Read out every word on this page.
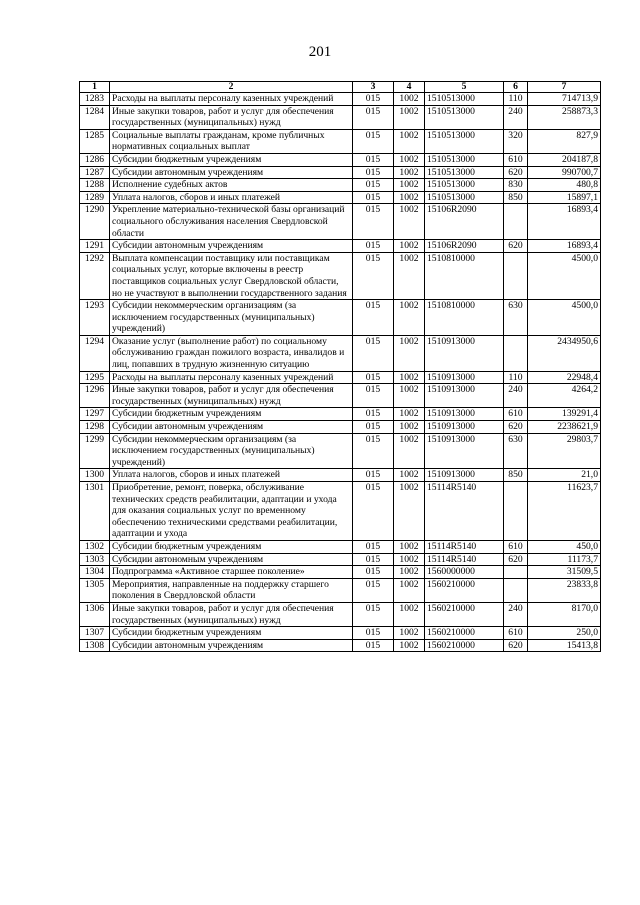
201
1	2	3	4	5	6	7
1283	Расходы на выплаты персоналу казенных учреждений	015	1002	1510513000	110	714713,9
1284	Иные закупки товаров, работ и услуг для обеспечения государственных (муниципальных) нужд	015	1002	1510513000	240	258873,3
1285	Социальные выплаты гражданам, кроме публичных нормативных социальных выплат	015	1002	1510513000	320	827,9
1286	Субсидии бюджетным учреждениям	015	1002	1510513000	610	204187,8
1287	Субсидии автономным учреждениям	015	1002	1510513000	620	990700,7
1288	Исполнение судебных актов	015	1002	1510513000	830	480,8
1289	Уплата налогов, сборов и иных платежей	015	1002	1510513000	850	15897,1
1290	Укрепление материально-технической базы организаций социального обслуживания населения Свердловской области	015	1002	15106R2090		16893,4
1291	Субсидии автономным учреждениям	015	1002	15106R2090	620	16893,4
1292	Выплата компенсации поставщику или поставщикам социальных услуг, которые включены в реестр поставщиков социальных услуг Свердловской области, но не участвуют в выполнении государственного задания	015	1002	1510810000		4500,0
1293	Субсидии некоммерческим организациям (за исключением государственных (муниципальных) учреждений)	015	1002	1510810000	630	4500,0
1294	Оказание услуг (выполнение работ) по социальному обслуживанию граждан пожилого возраста, инвалидов и лиц, попавших в трудную жизненную ситуацию	015	1002	1510913000		2434950,6
1295	Расходы на выплаты персоналу казенных учреждений	015	1002	1510913000	110	22948,4
1296	Иные закупки товаров, работ и услуг для обеспечения государственных (муниципальных) нужд	015	1002	1510913000	240	4264,2
1297	Субсидии бюджетным учреждениям	015	1002	1510913000	610	139291,4
1298	Субсидии автономным учреждениям	015	1002	1510913000	620	2238621,9
1299	Субсидии некоммерческим организациям (за исключением государственных (муниципальных) учреждений)	015	1002	1510913000	630	29803,7
1300	Уплата налогов, сборов и иных платежей	015	1002	1510913000	850	21,0
1301	Приобретение, ремонт, поверка, обслуживание технических средств реабилитации, адаптации и ухода для оказания социальных услуг по временному обеспечению техническими средствами реабилитации, адаптации и ухода	015	1002	15114R5140		11623,7
1302	Субсидии бюджетным учреждениям	015	1002	15114R5140	610	450,0
1303	Субсидии автономным учреждениям	015	1002	15114R5140	620	11173,7
1304	Подпрограмма «Активное старшее поколение»	015	1002	1560000000		31509,5
1305	Мероприятия, направленные на поддержку старшего поколения в Свердловской области	015	1002	1560210000		23833,8
1306	Иные закупки товаров, работ и услуг для обеспечения государственных (муниципальных) нужд	015	1002	1560210000	240	8170,0
1307	Субсидии бюджетным учреждениям	015	1002	1560210000	610	250,0
1308	Субсидии автономным учреждениям	015	1002	1560210000	620	15413,8
